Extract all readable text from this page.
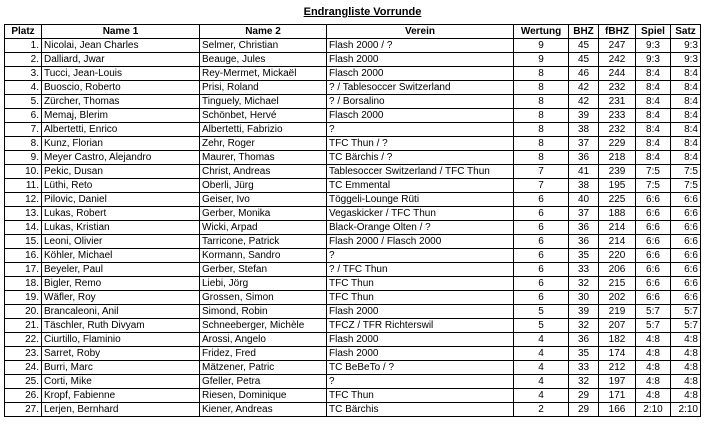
Endrangliste Vorrunde
Platz	Name 1	Name 2	Verein	Wertung	BHZ	fBHZ	Spiel	Satz
1.	Nicolai, Jean Charles	Selmer, Christian	Flash 2000 / ?	9	45	247	9:3	9:3
2.	Dalliard, Jwar	Beauge, Jules	Flash 2000	9	45	242	9:3	9:3
3.	Tucci, Jean-Louis	Rey-Mermet, Mickaël	Flasch 2000	8	46	244	8:4	8:4
4.	Buoscio, Roberto	Prisi, Roland	? / Tablesoccer Switzerland	8	42	232	8:4	8:4
5.	Zürcher, Thomas	Tinguely, Michael	? / Borsalino	8	42	231	8:4	8:4
6.	Memaj, Blerim	Schönbet, Hervé	Flasch 2000	8	39	233	8:4	8:4
7.	Albertetti, Enrico	Albertetti, Fabrizio	?	8	38	232	8:4	8:4
8.	Kunz, Florian	Zehr, Roger	TFC Thun / ?	8	37	229	8:4	8:4
9.	Meyer Castro, Alejandro	Maurer, Thomas	TC Bärchis / ?	8	36	218	8:4	8:4
10.	Pekic, Dusan	Christ, Andreas	Tablesoccer Switzerland / TFC Thun	7	41	239	7:5	7:5
11.	Lüthi, Reto	Oberli, Jürg	TC Emmental	7	38	195	7:5	7:5
12.	Pilovic, Daniel	Geiser, Ivo	Töggeli-Lounge Rüti	6	40	225	6:6	6:6
13.	Lukas, Robert	Gerber, Monika	Vegaskicker / TFC Thun	6	37	188	6:6	6:6
14.	Lukas, Kristian	Wicki, Arpad	Black-Orange Olten / ?	6	36	214	6:6	6:6
15.	Leoni, Olivier	Tarricone, Patrick	Flash 2000 / Flasch 2000	6	36	214	6:6	6:6
16.	Köhler, Michael	Kormann, Sandro	?	6	35	220	6:6	6:6
17.	Beyeler, Paul	Gerber, Stefan	? / TFC Thun	6	33	206	6:6	6:6
18.	Bigler, Remo	Liebi, Jörg	TFC Thun	6	32	215	6:6	6:6
19.	Wäfler, Roy	Grossen, Simon	TFC Thun	6	30	202	6:6	6:6
20.	Brancaleoni, Anil	Simond, Robin	Flash 2000	5	39	219	5:7	5:7
21.	Täschler, Ruth Divyam	Schneeberger, Michèle	TFCZ / TFR Richterswil	5	32	207	5:7	5:7
22.	Ciurtillo, Flaminio	Arossi, Angelo	Flash 2000	4	36	182	4:8	4:8
23.	Sarret, Roby	Fridez, Fred	Flash 2000	4	35	174	4:8	4:8
24.	Burri, Marc	Mätzener, Patric	TC BeBeTo / ?	4	33	212	4:8	4:8
25.	Corti, Mike	Gfeller, Petra	?	4	32	197	4:8	4:8
26.	Kropf, Fabienne	Riesen, Dominique	TFC Thun	4	29	171	4:8	4:8
27.	Lerjen, Bernhard	Kiener, Andreas	TC Bärchis	2	29	166	2:10	2:10
